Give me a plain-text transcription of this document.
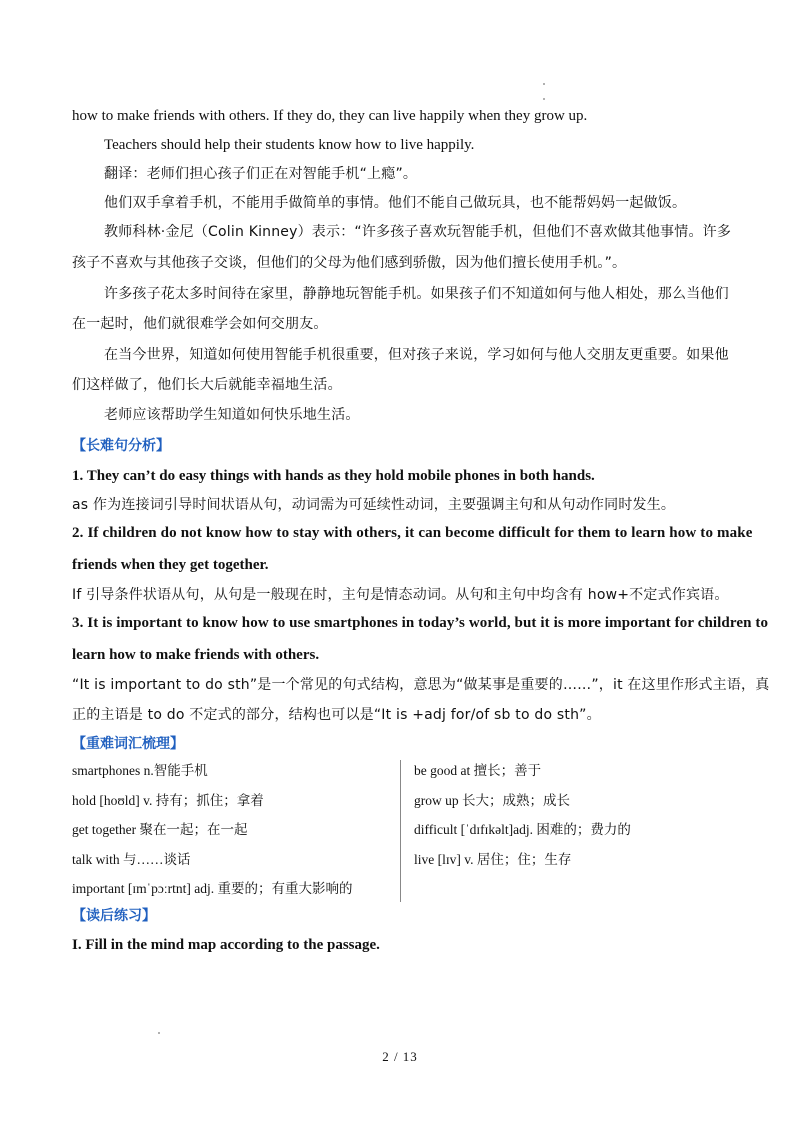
how to make friends with others. If they do, they can live happily when they grow up.
Teachers should help their students know how to live happily.
翻译：老师们担心孩子们正在对智能手机“上瘾”。
他们双手拿着手机，不能用手做简单的事情。他们不能自己做玩具，也不能帮妈妈一起做饭。
教师科林·金尼（Colin Kinney）表示：“许多孩子喜欢玩智能手机，但他们不喜欢做其他事情。许多
孩子不喜欢与其他孩子交谈，但他们的父母为他们感到骄傲，因为他们擅长使用手机。”。
许多孩子花太多时间待在家里，静静地玩智能手机。如果孩子们不知道如何与他人相处，那么当他们
在一起时，他们就很难学会如何交朋友。
在当今世界，知道如何使用智能手机很重要，但对孩子来说，学习如何与他人交朋友更重要。如果他
们这样做了，他们长大后就能幸福地生活。
老师应该帮助学生知道如何快乐地生活。
【长难句分析】
1. They can’t do easy things with hands as they hold mobile phones in both hands.
as 作为连接词引导时间状语从句，动词需为可延续性动词，主要强调主句和从句动作同时发生。
2. If children do not know how to stay with others, it can become difficult for them to learn how to make
friends when they get together.
If 引导条件状语从句，从句是一般现在时，主句是情态动词。从句和主句中均含有 how+不定式作宾语。
3. It is important to know how to use smartphones in today’s world, but it is more important for children to
learn how to make friends with others.
“It is important to do sth”是一个常见的句式结构，意思为“做某事是重要的……”，it 在这里作形式主语，真
正的主语是 to do 不定式的部分，结构也可以是“It is +adj for/of sb to do sth”。
【重难词汇梳理】
smartphones n.智能手机
hold [hoʊld] v. 持有；抓住；拿着
get together 聚在一起；在一起
talk with 与……谈话
important [ɪmˈpɔːrtnt] adj. 重要的；有重大影响的
be good at 擅长；善于
grow up 长大；成熟；成长
difficult [ˈdɪfɪkəlt]adj. 困难的；费力的
live [lɪv] v. 居住；住；生存
【读后练习】
I. Fill in the mind map according to the passage.
2 / 13
